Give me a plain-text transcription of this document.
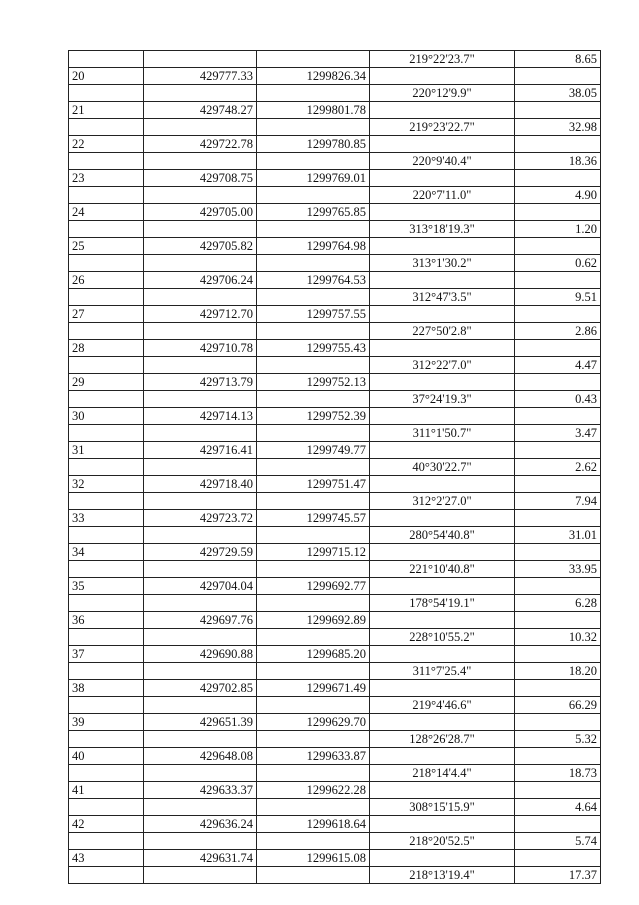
			219°22'23.7"	8.65
20	429777.33	1299826.34		
			220°12'9.9"	38.05
21	429748.27	1299801.78		
			219°23'22.7"	32.98
22	429722.78	1299780.85		
			220°9'40.4"	18.36
23	429708.75	1299769.01		
			220°7'11.0"	4.90
24	429705.00	1299765.85		
			313°18'19.3"	1.20
25	429705.82	1299764.98		
			313°1'30.2"	0.62
26	429706.24	1299764.53		
			312°47'3.5"	9.51
27	429712.70	1299757.55		
			227°50'2.8"	2.86
28	429710.78	1299755.43		
			312°22'7.0"	4.47
29	429713.79	1299752.13		
			37°24'19.3"	0.43
30	429714.13	1299752.39		
			311°1'50.7"	3.47
31	429716.41	1299749.77		
			40°30'22.7"	2.62
32	429718.40	1299751.47		
			312°2'27.0"	7.94
33	429723.72	1299745.57		
			280°54'40.8"	31.01
34	429729.59	1299715.12		
			221°10'40.8"	33.95
35	429704.04	1299692.77		
			178°54'19.1"	6.28
36	429697.76	1299692.89		
			228°10'55.2"	10.32
37	429690.88	1299685.20		
			311°7'25.4"	18.20
38	429702.85	1299671.49		
			219°4'46.6"	66.29
39	429651.39	1299629.70		
			128°26'28.7"	5.32
40	429648.08	1299633.87		
			218°14'4.4"	18.73
41	429633.37	1299622.28		
			308°15'15.9"	4.64
42	429636.24	1299618.64		
			218°20'52.5"	5.74
43	429631.74	1299615.08		
			218°13'19.4"	17.37
